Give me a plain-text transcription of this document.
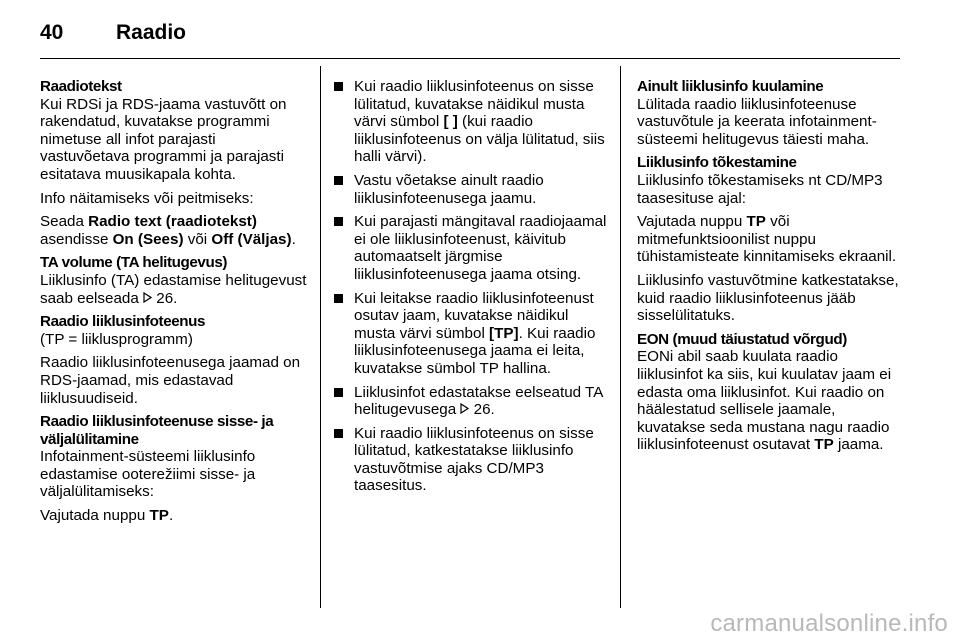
40	Raadio
Raadiotekst

Kui RDSi ja RDS-jaama vastuvõtt on rakendatud, kuvatakse programmi nimetuse all infot parajasti vastuvõetava programmi ja parajasti esitatava muusikapala kohta.

Info näitamiseks või peitmiseks:

Seada Radio text (raadiotekst) asendisse On (Sees) või Off (Väljas).

TA volume (TA helitugevus)

Liiklusinfo (TA) edastamise helitugevust saab eelseada  26.

Raadio liiklusinfoteenus

(TP = liiklusprogramm)

Raadio liiklusinfoteenusega jaamad on RDS-jaamad, mis edastavad liiklusuudiseid.

Raadio liiklusinfoteenuse sisse- ja väljalülitamine

Infotainment-süsteemi liiklusinfo edastamise ooterežiimi sisse- ja väljalülitamiseks:

Vajutada nuppu TP.

Kui raadio liiklusinfoteenus on sisse lülitatud, kuvatakse näidikul musta värvi sümbol [ ] (kui raadio liiklusinfoteenus on välja lülitatud, siis halli värvi).
Vastu võetakse ainult raadio liiklusinfoteenusega jaamu.
Kui parajasti mängitaval raadiojaamal ei ole liiklusinfoteenust, käivitub automaatselt järgmise liiklusinfoteenusega jaama otsing.
Kui leitakse raadio liiklusinfoteenust osutav jaam, kuvatakse näidikul musta värvi sümbol [TP]. Kui raadio liiklusinfoteenusega jaama ei leita, kuvatakse sümbol TP hallina.
Liiklusinfot edastatakse eelseatud TA helitugevusega  26.
Kui raadio liiklusinfoteenus on sisse lülitatud, katkestatakse liiklusinfo vastuvõtmise ajaks CD/MP3 taasesitus.
Ainult liiklusinfo kuulamine

Lülitada raadio liiklusinfoteenuse vastuvõtule ja keerata infotainment-süsteemi helitugevus täiesti maha.

Liiklusinfo tõkestamine

Liiklusinfo tõkestamiseks nt CD/MP3 taasesituse ajal:

Vajutada nuppu TP või mitmefunktsioonilist nuppu tühistamisteate kinnitamiseks ekraanil.

Liiklusinfo vastuvõtmine katkestatakse, kuid raadio liiklusinfoteenus jääb sisselülitatuks.

EON (muud täiustatud võrgud)

EONi abil saab kuulata raadio liiklusinfot ka siis, kui kuulatav jaam ei edasta oma liiklusinfot. Kui raadio on häälestatud sellisele jaamale, kuvatakse seda mustana nagu raadio liiklusinfoteenust osutavat TP jaama.

carmanualsonline.info
